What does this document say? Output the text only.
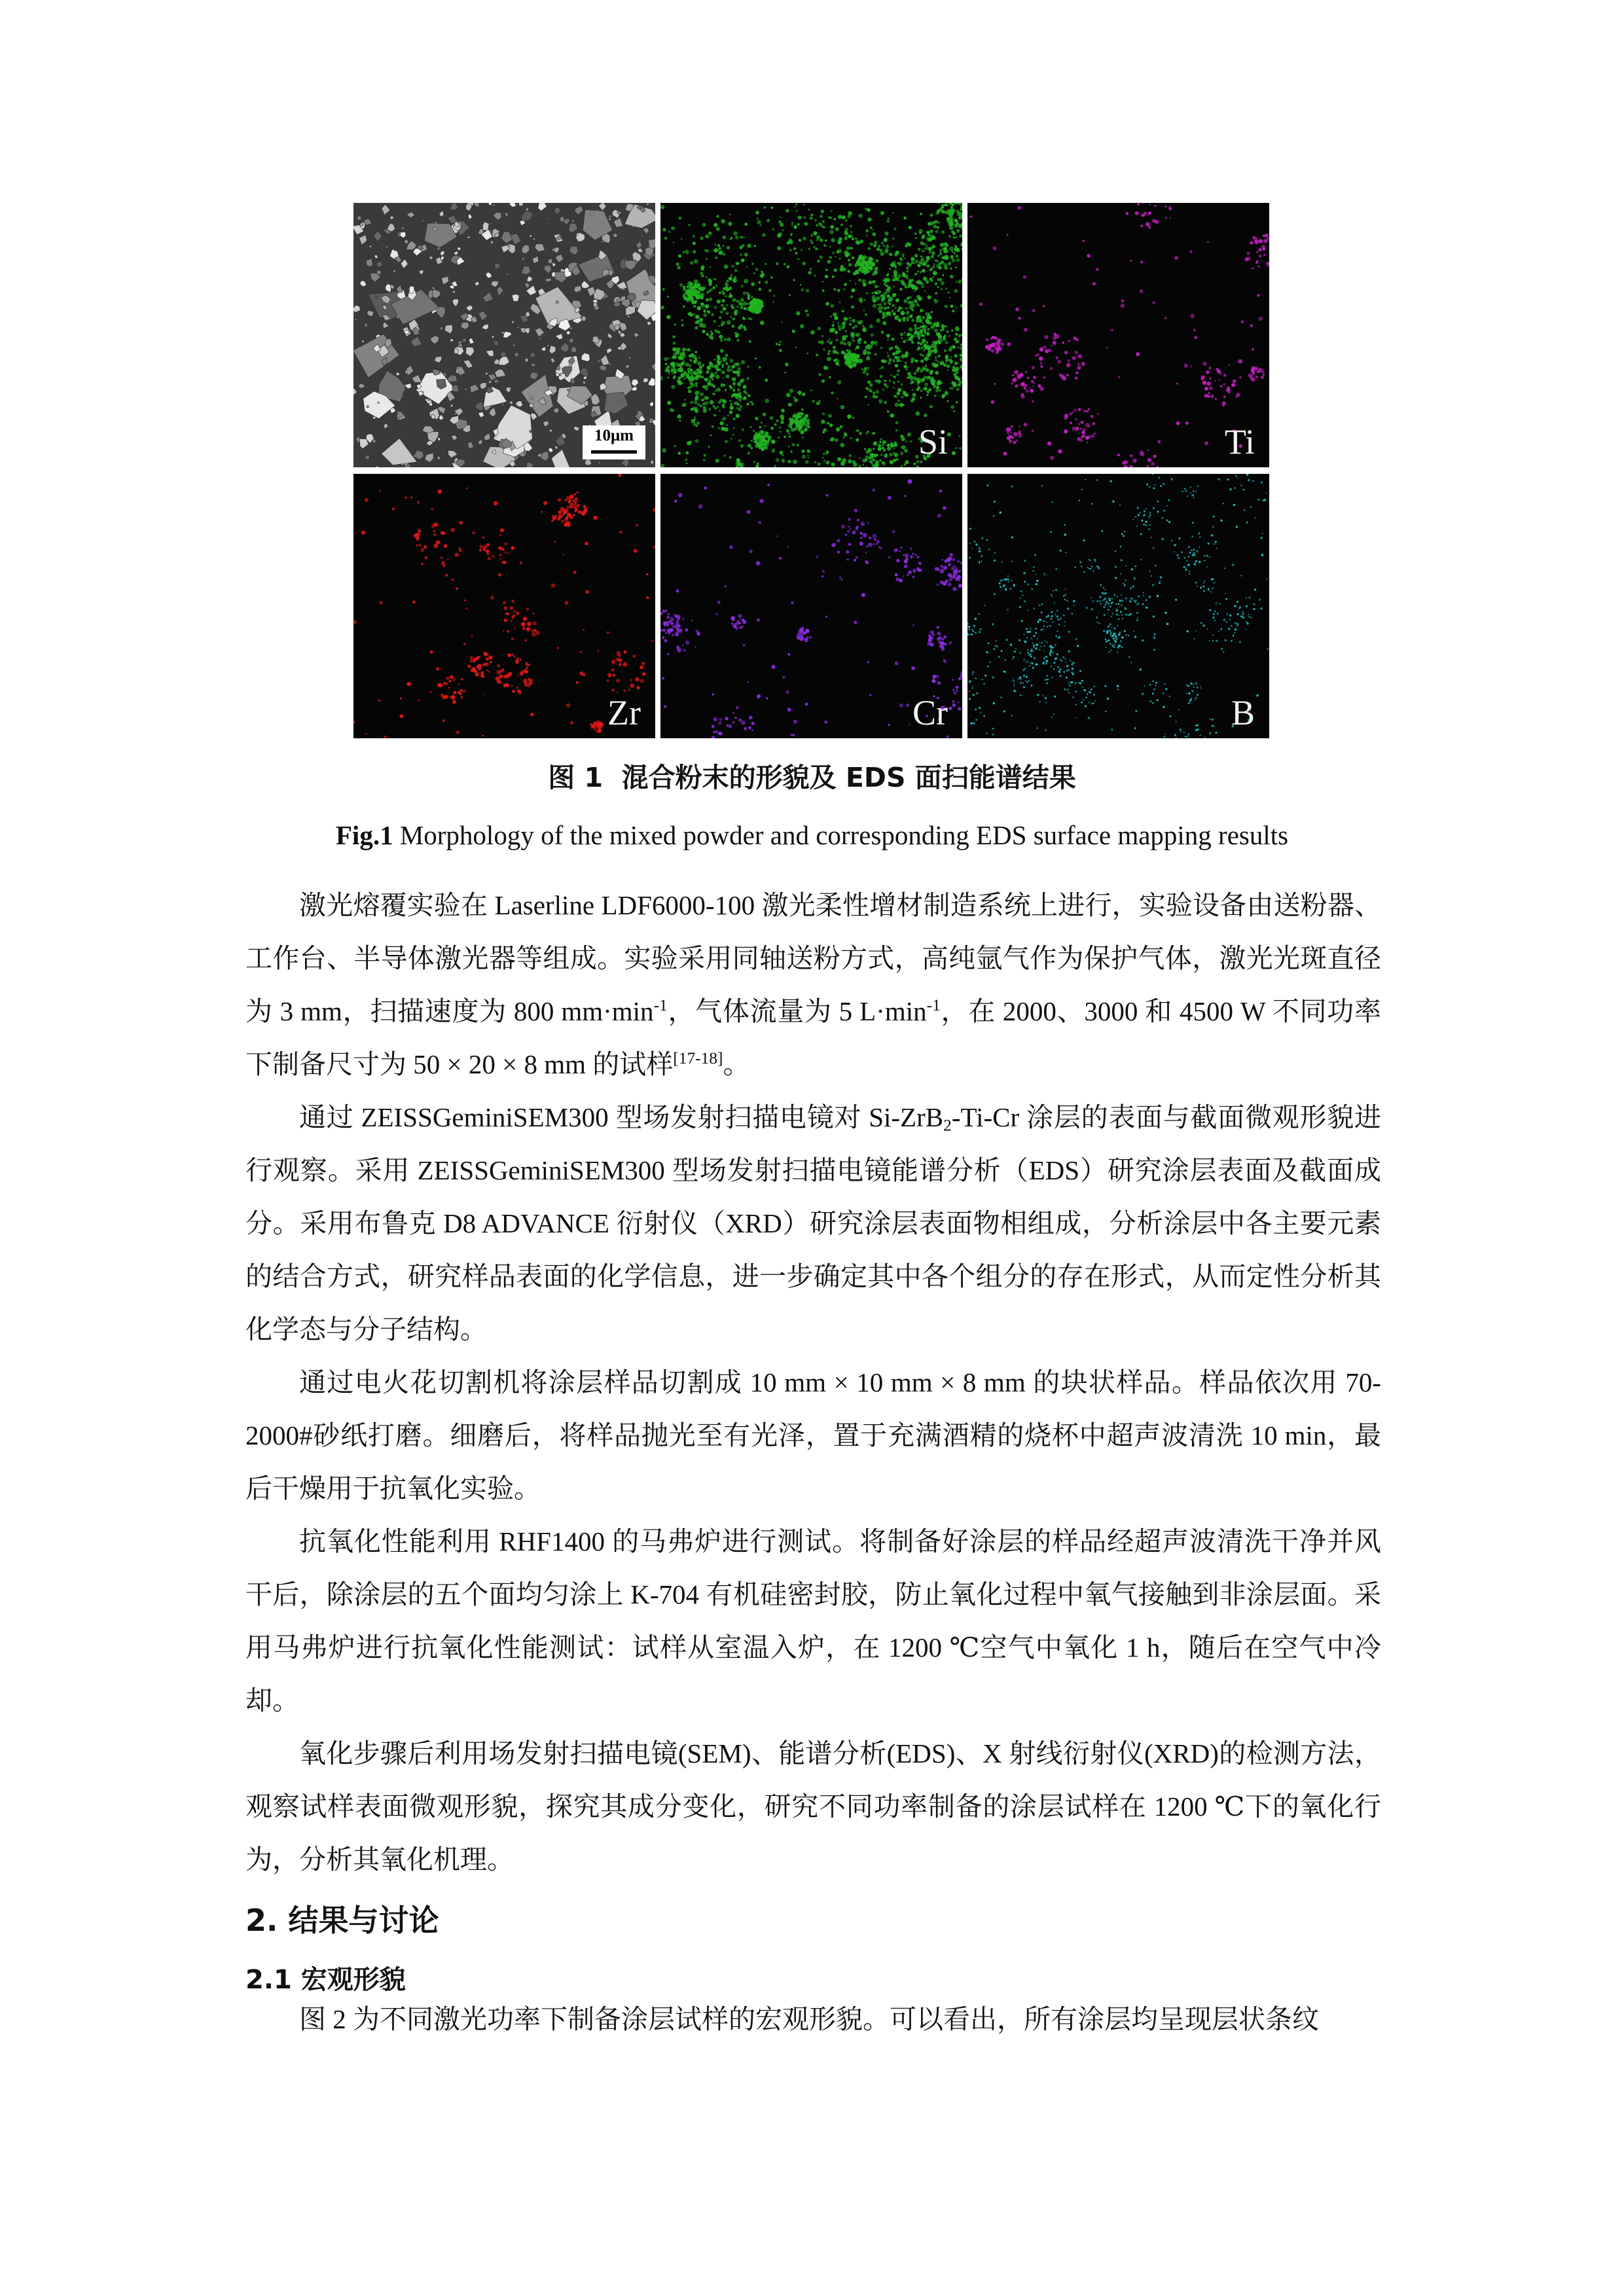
10μm	Si	Ti
Zr	Cr	B
图 1 混合粉末的形貌及 EDS 面扫能谱结果
Fig.1 Morphology of the mixed powder and corresponding EDS surface mapping results

激光熔覆实验在 Laserline LDF6000-100 激光柔性增材制造系统上进行，实验设备由送粉器、工作台、半导体激光器等组成。实验采用同轴送粉方式，高纯氩气作为保护气体，激光光斑直径为 3 mm，扫描速度为 800 $mm\cdot\min^{-1}$，气体流量为 5 $L\cdot\min^{-1}$，在 2000、3000 和 4500 W 不同功率下制备尺寸为 50 × 20 × 8 mm 的试样[17-18]。

通过 ZEISSGeminiSEM300 型场发射扫描电镜对 Si-ZrB$_2$-Ti-Cr 涂层的表面与截面微观形貌进行观察。采用 ZEISSGeminiSEM300 型场发射扫描电镜能谱分析（EDS）研究涂层表面及截面成分。采用布鲁克 D8 ADVANCE 衍射仪（XRD）研究涂层表面物相组成，分析涂层中各主要元素的结合方式，研究样品表面的化学信息，进一步确定其中各个组分的存在形式，从而定性分析其化学态与分子结构。

通过电火花切割机将涂层样品切割成 10 mm × 10 mm × 8 mm 的块状样品。样品依次用 70-2000#砂纸打磨。细磨后，将样品抛光至有光泽，置于充满酒精的烧杯中超声波清洗 10 min，最后干燥用于抗氧化实验。

抗氧化性能利用 RHF1400 的马弗炉进行测试。将制备好涂层的样品经超声波清洗干净并风干后，除涂层的五个面均匀涂上 K-704 有机硅密封胶，防止氧化过程中氧气接触到非涂层面。采用马弗炉进行抗氧化性能测试：试样从室温入炉，在 1200 ℃空气中氧化 1 h，随后在空气中冷却。

氧化步骤后利用场发射扫描电镜(SEM)、能谱分析(EDS)、X 射线衍射仪(XRD)的检测方法，观察试样表面微观形貌，探究其成分变化，研究不同功率制备的涂层试样在 1200 ℃下的氧化行为，分析其氧化机理。

2. 结果与讨论
2.1 宏观形貌

图 2 为不同激光功率下制备涂层试样的宏观形貌。可以看出，所有涂层均呈现层状条纹
